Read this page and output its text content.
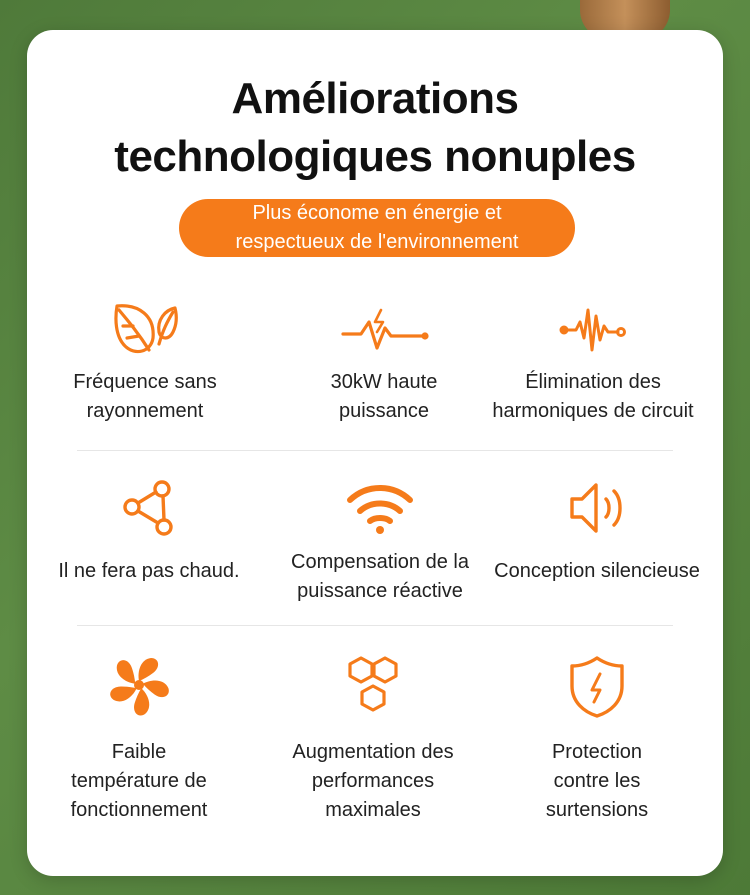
Améliorations
technologiques nonuples
Plus économe en énergie et
respectueux de l'environnement
Fréquence sans
rayonnement
30kW haute
puissance
Élimination des
harmoniques de circuit
Il ne fera pas chaud.	Compensation de la
puissance réactive
Conception silencieuse
Faible
température de
fonctionnement
Augmentation des
performances
maximales
Protection
contre les
surtensions
